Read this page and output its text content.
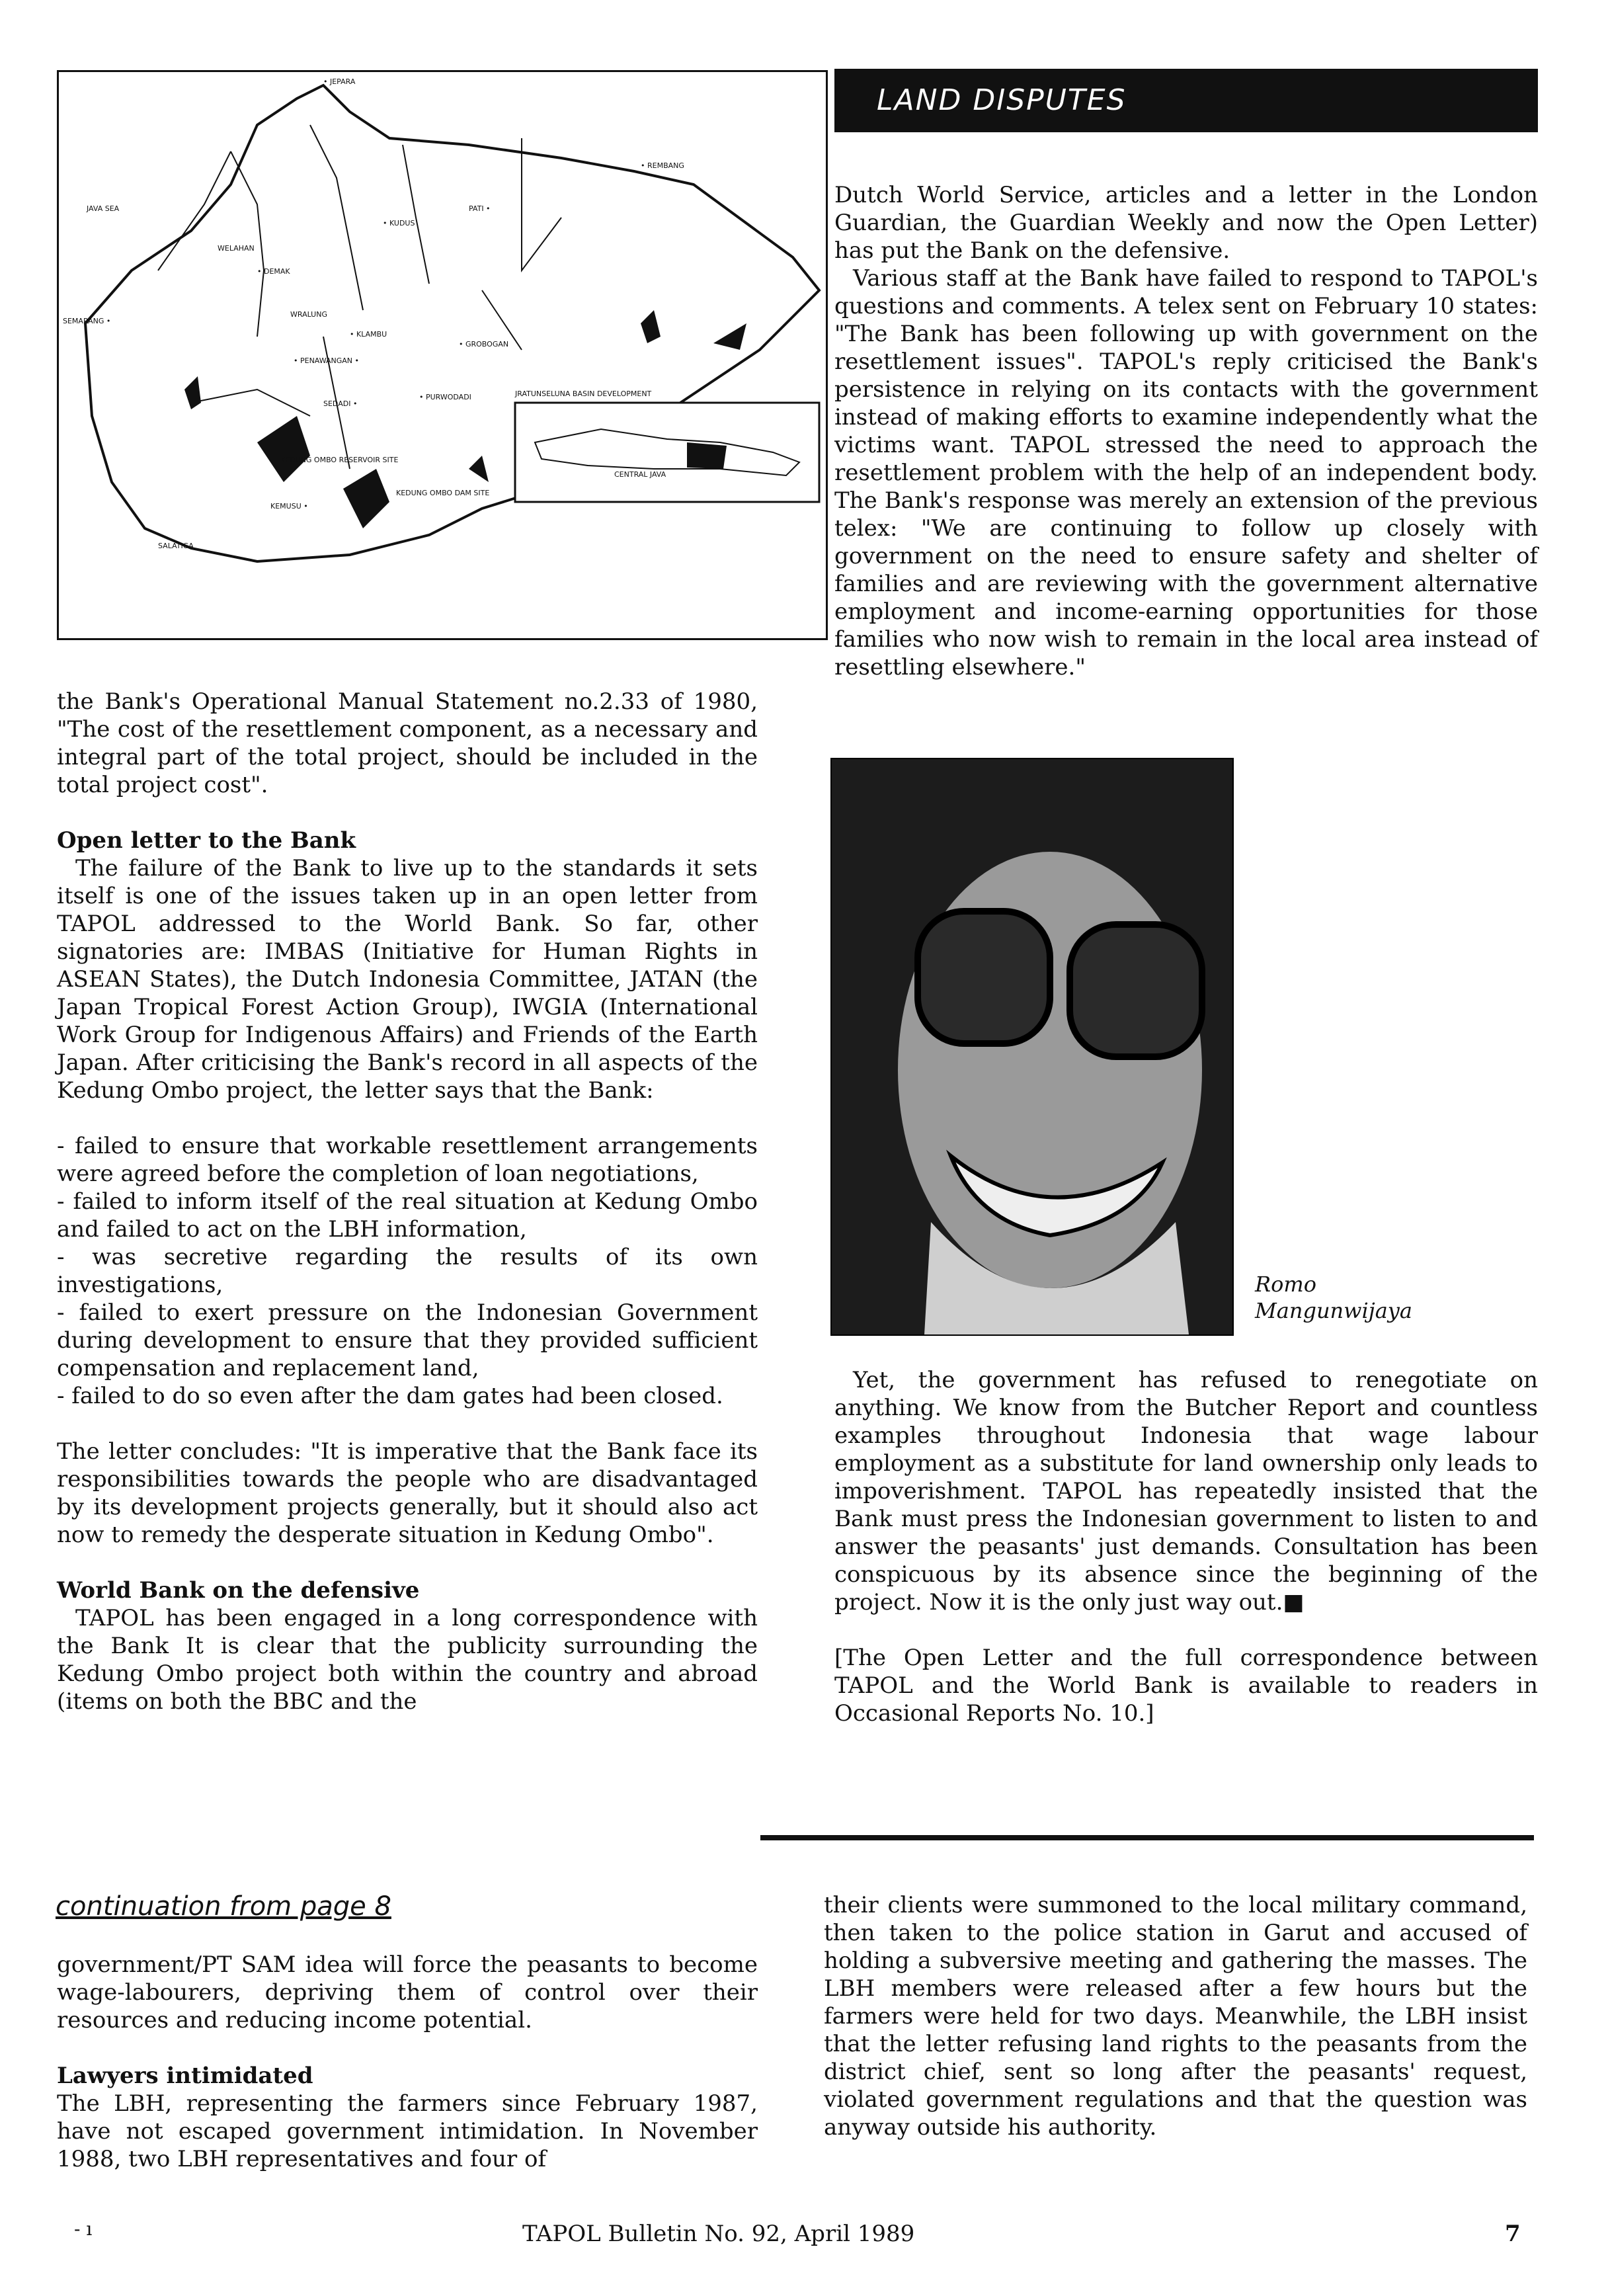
• JEPARA
• REMBANG
JAVA SEA	PATI •
• KUDUS
WELAHAN
• DEMAK
SEMARANG •
WRALUNG
• KLAMBU
• GROBOGAN
• PENAWANGAN •
• PURWODADI
SEDADI •
KEDUNG OMBO RESERVOIR SITE
KEDUNG OMBO DAM SITE
KEMUSU •
SALATIGA
CENTRAL JAVA
JRATUNSELUNA BASIN DEVELOPMENT
LAND DISPUTES

Dutch World Service, articles and a letter in the London Guardian, the Guardian Weekly and now the Open Letter) has put the Bank on the defensive.

Various staff at the Bank have failed to respond to TAPOL's questions and comments. A telex sent on February 10 states: "The Bank has been following up with government on the resettlement issues". TAPOL's reply criticised the Bank's persistence in relying on its contacts with the government instead of making efforts to examine independently what the victims want. TAPOL stressed the need to approach the resettlement problem with the help of an independent body. The Bank's response was merely an extension of the previous telex: "We are continuing to follow up closely with government on the need to ensure safety and shelter of families and are reviewing with the government alternative employment and income-earning opportunities for those families who now wish to remain in the local area instead of resettling elsewhere."

Romo
Mangunwijaya

Yet, the government has refused to renegotiate on anything. We know from the Butcher Report and countless examples throughout Indonesia that wage labour employment as a substitute for land ownership only leads to impoverishment. TAPOL has repeatedly insisted that the Bank must press the Indonesian government to listen to and answer the peasants' just demands. Consultation has been conspicuous by its absence since the beginning of the project. Now it is the only just way out.■

[The Open Letter and the full correspondence between TAPOL and the World Bank is available to readers in Occasional Reports No. 10.]

the Bank's Operational Manual Statement no.2.33 of 1980, "The cost of the resettlement component, as a necessary and integral part of the total project, should be included in the total project cost".

Open letter to the Bank

The failure of the Bank to live up to the standards it sets itself is one of the issues taken up in an open letter from TAPOL addressed to the World Bank. So far, other signatories are: IMBAS (Initiative for Human Rights in ASEAN States), the Dutch Indonesia Committee, JATAN (the Japan Tropical Forest Action Group), IWGIA (International Work Group for Indigenous Affairs) and Friends of the Earth Japan. After criticising the Bank's record in all aspects of the Kedung Ombo project, the letter says that the Bank:

- failed to ensure that workable resettlement arrangements were agreed before the completion of loan negotiations,

- failed to inform itself of the real situation at Kedung Ombo and failed to act on the LBH information,

- was secretive regarding the results of its own investigations,

- failed to exert pressure on the Indonesian Government during development to ensure that they provided sufficient compensation and replacement land,

- failed to do so even after the dam gates had been closed.

The letter concludes: "It is imperative that the Bank face its responsibilities towards the people who are disadvantaged by its development projects generally, but it should also act now to remedy the desperate situation in Kedung Ombo".

World Bank on the defensive

TAPOL has been engaged in a long correspondence with the Bank It is clear that the publicity surrounding the Kedung Ombo project both within the country and abroad (items on both the BBC and the

continuation from page 8

government/PT SAM idea will force the peasants to become wage-labourers, depriving them of control over their resources and reducing income potential.

Lawyers intimidated

The LBH, representing the farmers since February 1987, have not escaped government intimidation. In November 1988, two LBH representatives and four of

their clients were summoned to the local military command, then taken to the police station in Garut and accused of holding a subversive meeting and gathering the masses. The LBH members were released after a few hours but the farmers were held for two days. Meanwhile, the LBH insist that the letter refusing land rights to the peasants from the district chief, sent so long after the peasants' request, violated government regulations and that the question was anyway outside his authority.

- ı	TAPOL Bulletin No. 92, April 1989	7
